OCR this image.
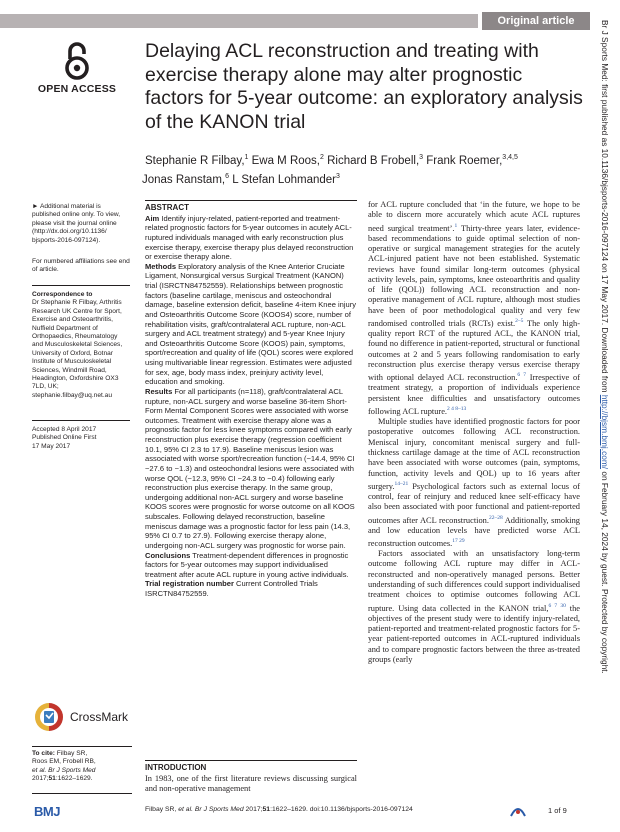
Original article
OPEN ACCESS
Delaying ACL reconstruction and treating with exercise therapy alone may alter prognostic factors for 5-year outcome: an exploratory analysis of the KANON trial
Stephanie R Filbay,$^1$ Ewa M Roos,$^2$ Richard B Frobell,$^3$ Frank Roemer,$^{3,4,5}$
Jonas Ranstam,$^6$ L Stefan Lohmander$^3$
► Additional material is published online only. To view, please visit the journal online (http://dx.doi.org/10.1136/ bjsports-2016-097124).
For numbered affiliations see end of article.
Correspondence to
Dr Stephanie R Filbay, Arthritis Research UK Centre for Sport, Exercise and Osteoarthritis, Nuffield Department of Orthopaedics, Rheumatology and Musculoskeletal Sciences, University of Oxford, Botnar Institute of Musculoskeletal Sciences, Windmill Road, Headington, Oxfordshire OX3 7LD, UK; stephanie.filbay@uq.net.au
Accepted 8 April 2017
Published Online First
17 May 2017
CrossMark
To cite: Filbay SR,
Roos EM, Frobell RB,
et al. Br J Sports Med
2017;51:1622–1629.
ABSTRACT

Aim Identify injury-related, patient-reported and treatment-related prognostic factors for 5-year outcomes in acutely ACL-ruptured individuals managed with early reconstruction plus exercise therapy, exercise therapy plus delayed reconstruction or exercise therapy alone.

Methods Exploratory analysis of the Knee Anterior Cruciate Ligament, Nonsurgical versus Surgical Treatment (KANON) trial (ISRCTN84752559). Relationships between prognostic factors (baseline cartilage, meniscus and osteochondral damage, baseline extension deficit, baseline 4-item Knee injury and Osteoarthritis Outcome Score (KOOS4) score, number of rehabilitation visits, graft/contralateral ACL rupture, non-ACL surgery and ACL treatment strategy) and 5-year Knee Injury and Osteoarthritis Outcome Score (KOOS) pain, symptoms, sport/recreation and quality of life (QOL) scores were explored using multivariable linear regression. Estimates were adjusted for sex, age, body mass index, preinjury activity level, education and smoking.

Results For all participants (n=118), graft/contralateral ACL rupture, non-ACL surgery and worse baseline 36-item Short-Form Mental Component Scores were associated with worse outcomes. Treatment with exercise therapy alone was a prognostic factor for less knee symptoms compared with early reconstruction plus exercise therapy (regression coefficient 10.1, 95% CI 2.3 to 17.9). Baseline meniscus lesion was associated with worse sport/recreation function (−14.4, 95% CI −27.6 to −1.3) and osteochondral lesions were associated with worse QOL (−12.3, 95% CI −24.3 to −0.4) following early reconstruction plus exercise therapy. In the same group, undergoing additional non-ACL surgery and worse baseline KOOS scores were prognostic for worse outcome on all KOOS subscales. Following delayed reconstruction, baseline meniscus damage was a prognostic factor for less pain (14.3, 95% CI 0.7 to 27.9). Following exercise therapy alone, undergoing non-ACL surgery was prognostic for worse pain.

Conclusions Treatment-dependent differences in prognostic factors for 5-year outcomes may support individualised treatment after acute ACL rupture in young active individuals.

Trial registration number Current Controlled Trials ISRCTN84752559.

INTRODUCTION
In 1983, one of the first literature reviews discussing surgical and non-operative management

for ACL rupture concluded that ‘in the future, we hope to be able to discern more accurately which acute ACL ruptures need surgical treatment’.$^1$ Thirty-three years later, evidence-based recommendations to guide optimal selection of non-operative or surgical management strategies for the acutely ACL-injured patient have not been established. Systematic reviews have found similar long-term outcomes (physical activity levels, pain, symptoms, knee osteoarthritis and quality of life (QOL)) following ACL reconstruction and non-operative management of ACL rupture, although most studies have been of poor methodological quality and very few randomised controlled trials (RCTs) exist.$^{2-5}$ The only high-quality report RCT of the ruptured ACL, the KANON trial, found no difference in patient-reported, structural or functional outcomes at 2 and 5 years following randomisation to early reconstruction plus exercise therapy versus exercise therapy with optional delayed ACL reconstruction.$^{6 7}$ Irrespective of treatment strategy, a proportion of individuals experience persistent knee difficulties and unsatisfactory outcomes following ACL rupture.$^{2 4 8-13}$

Multiple studies have identified prognostic factors for poor postoperative outcomes following ACL reconstruction. Meniscal injury, concomitant meniscal surgery and full-thickness cartilage damage at the time of ACL reconstruction have been associated with worse outcomes (pain, symptoms, function, activity levels and QOL) up to 16 years after surgery.$^{14-21}$ Psychological factors such as external locus of control, fear of reinjury and reduced knee self-efficacy have also been associated with poor functional and patient-reported outcomes after ACL reconstruction.$^{22-28}$ Additionally, smoking and low education levels have predicted worse ACL reconstruction outcomes.$^{17 29}$

Factors associated with an unsatisfactory long-term outcome following ACL rupture may differ in ACL-reconstructed and non-operatively managed persons. Better understanding of such differences could support individualised treatment choices to optimise outcomes following ACL rupture. Using data collected in the KANON trial,$^{6 7 30}$ the objectives of the present study were to identify injury-related, patient-reported and treatment-related prognostic factors for 5-year patient-reported outcomes in ACL-ruptured individuals and to compare prognostic factors between the three as-treated groups (early

Br J Sports Med: first published as 10.1136/bjsports-2016-097124 on 17 May 2017. Downloaded from http://bjsm.bmj.com/ on February 14, 2024 by guest. Protected by copyright.
BMJ	Filbay SR, et al. Br J Sports Med 2017;51:1622–1629. doi:10.1136/bjsports-2016-097124	1 of 9
